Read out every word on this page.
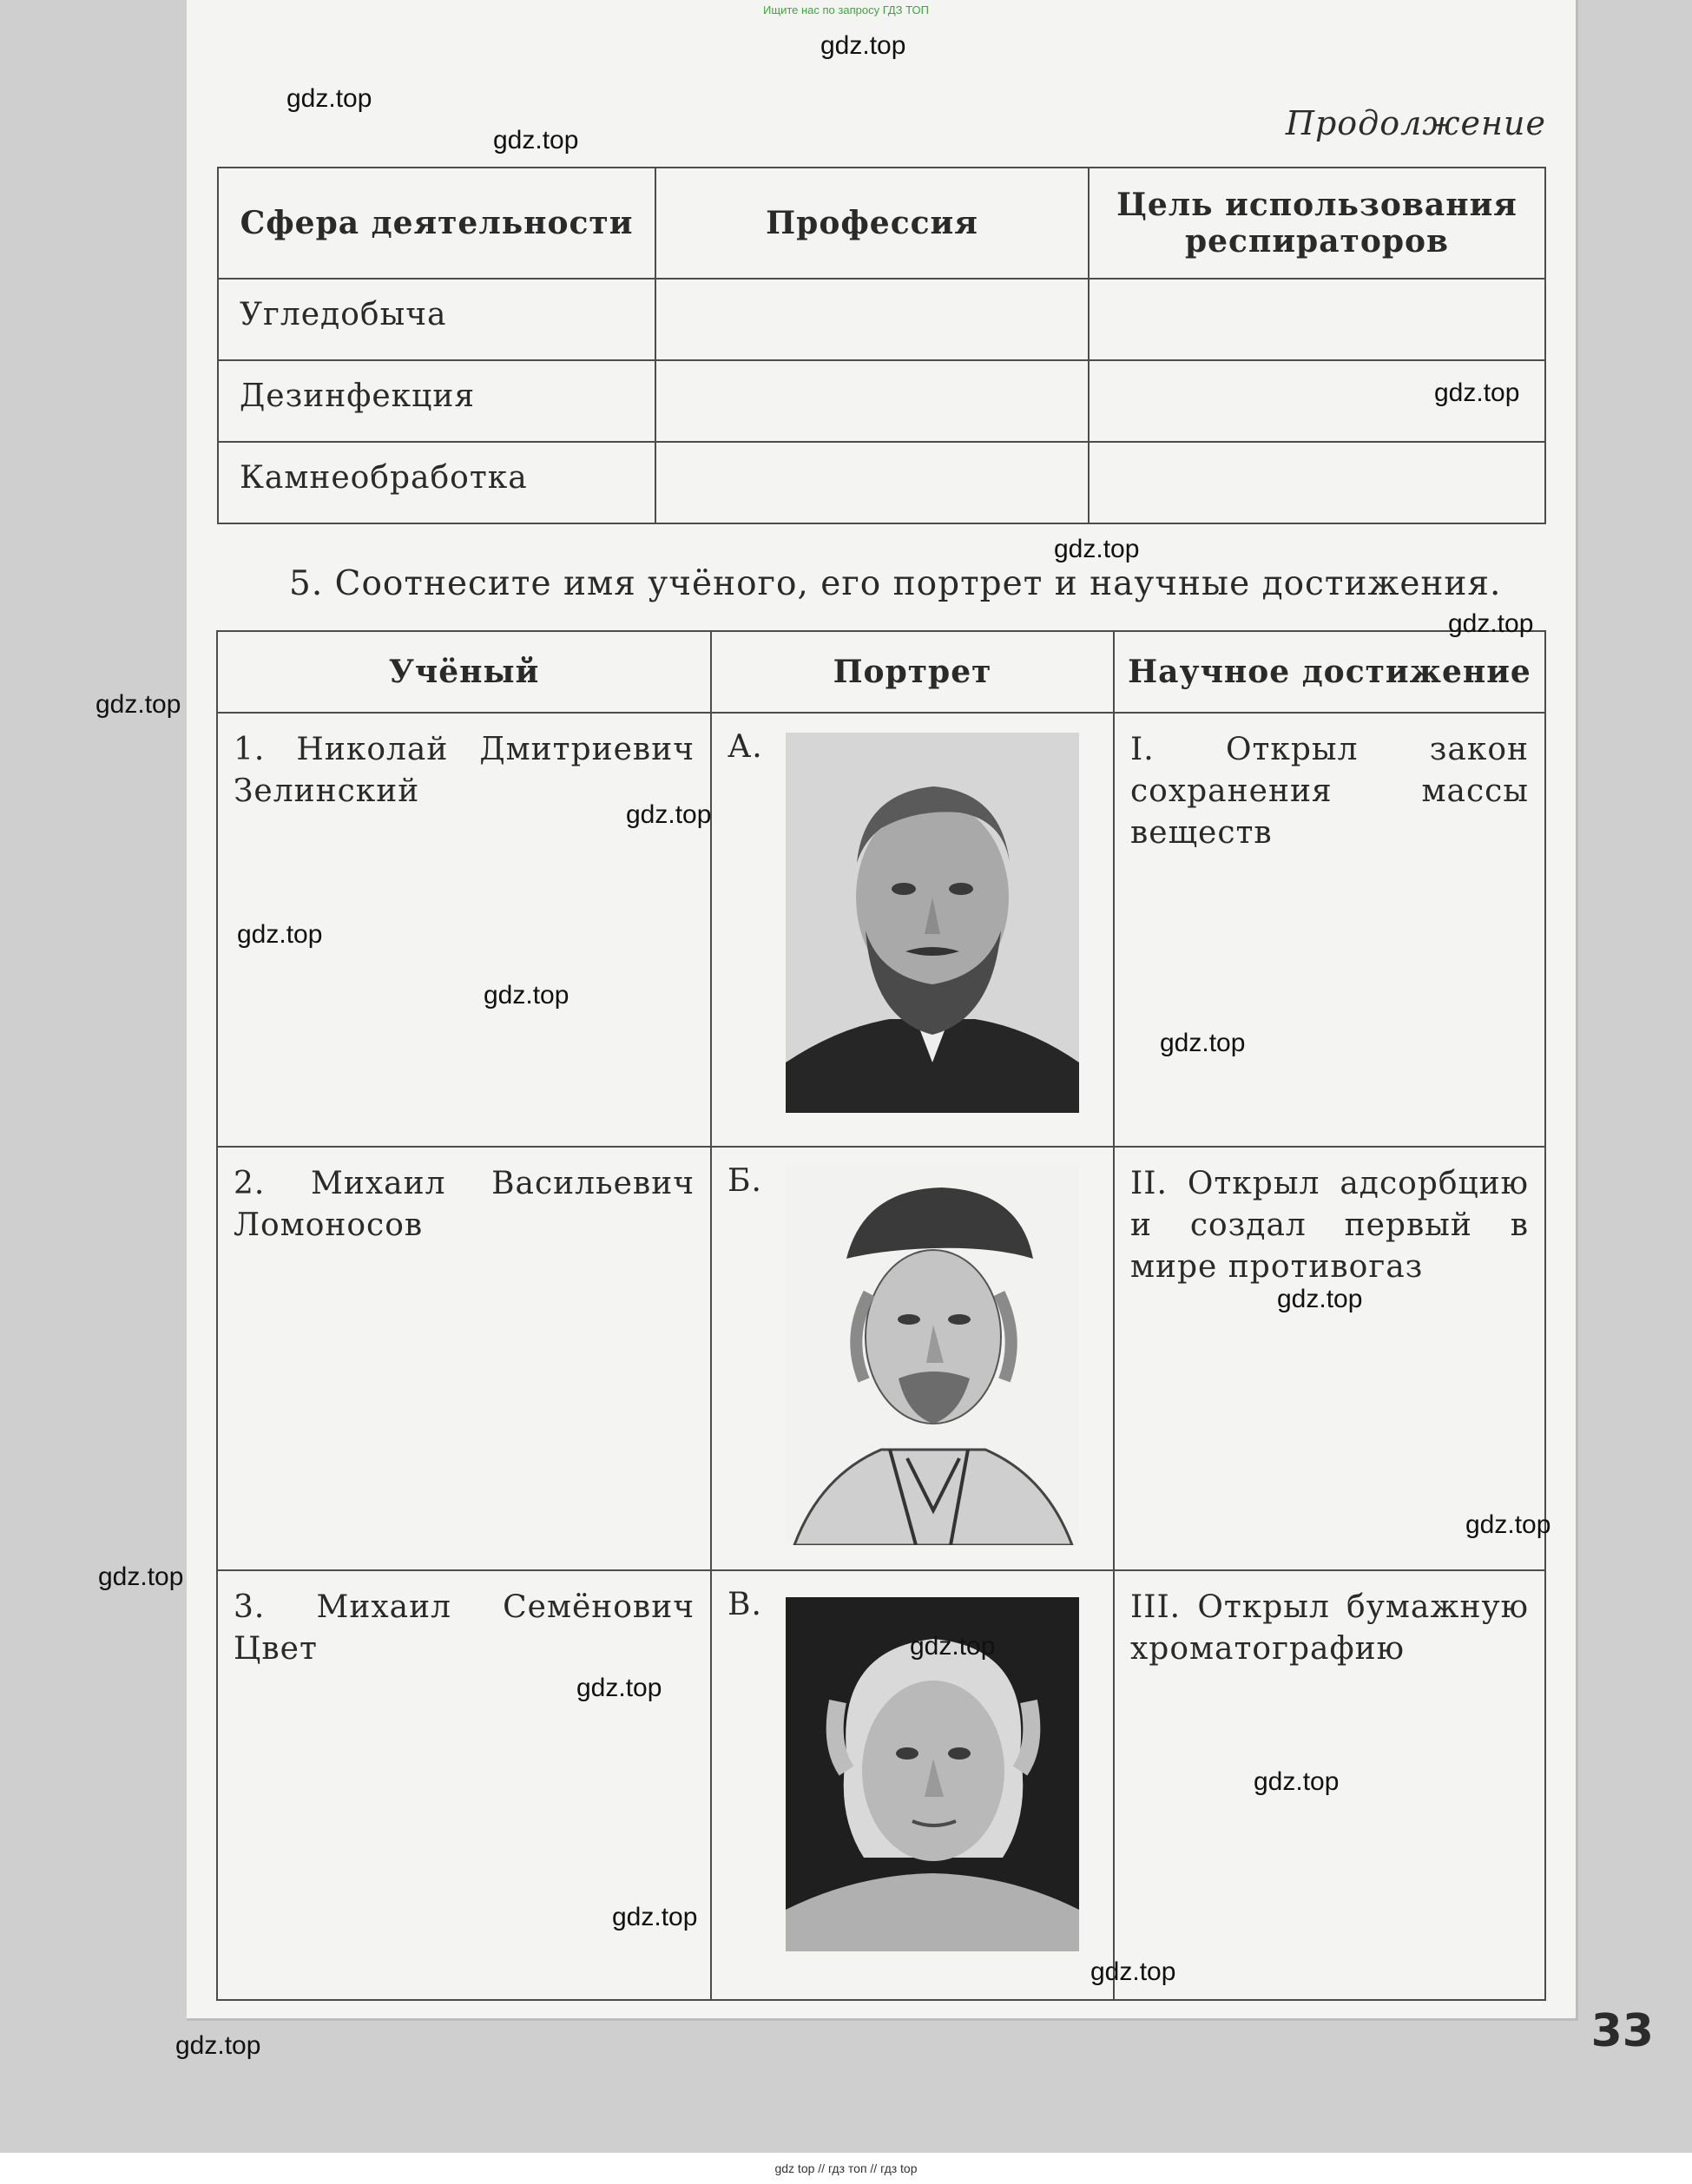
Ищите нас по запросу ГДЗ ТОП
Продолжение
Сфера деятельности	Профессия	Цель использования респираторов
Угледобыча		
Дезинфекция		
Камнеобработка		
5. Соотнесите имя учёного, его портрет и научные достижения.
Учёный	Портрет	Научное достижение

1. Николай Дмитриевич Зелинский	А.	I. Открыл закон сохранения массы веществ

2. Михаил Васильевич Ломоносов	Б.	II. Открыл адсорбцию и создал первый в мире противогаз

3. Михаил Семёнович Цвет	В.	III. Открыл бумажную хроматографию
33
gdz.top
gdz.top
gdz.top
gdz.top
gdz.top
gdz.top
gdz.top
gdz.top
gdz.top
gdz.top
gdz.top
gdz.top
gdz.top
gdz.top
gdz.top
gdz.top
gdz.top
gdz.top
gdz.top
gdz.top
gdz top // гдз топ // гдз top
